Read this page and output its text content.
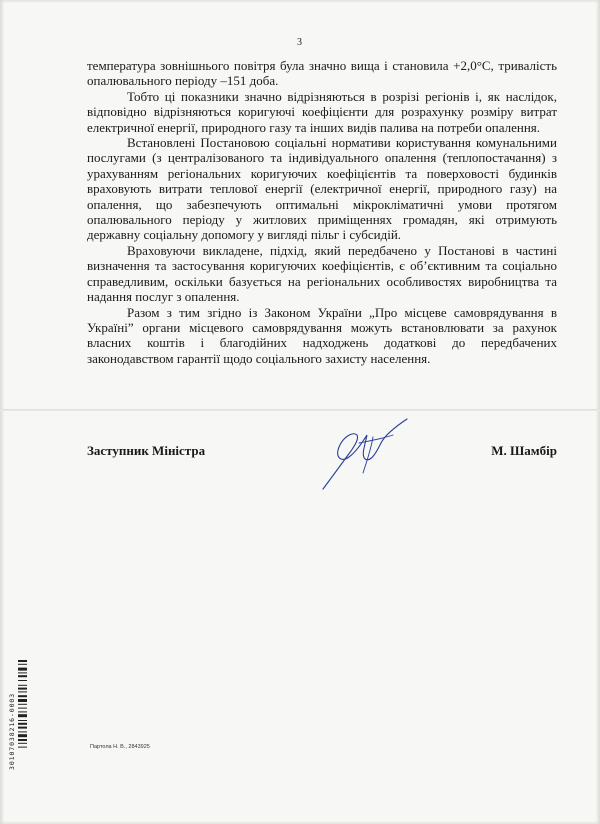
3

температура зовнішнього повітря була значно вища і становила +2,0°С, тривалість опалювального періоду –151 доба.

Тобто ці показники значно відрізняються в розрізі регіонів і, як наслідок, відповідно відрізняються коригуючі коефіцієнти для розрахунку розміру витрат електричної енергії, природного газу та інших видів палива на потреби опалення.

Встановлені Постановою соціальні нормативи користування комунальними послугами (з централізованого та індивідуального опалення (теплопостачання) з урахуванням регіональних коригуючих коефіцієнтів та поверховості будинків враховують витрати теплової енергії (електричної енергії, природного газу) на опалення, що забезпечують оптимальні мікрокліматичні умови протягом опалювального періоду у житлових приміщеннях громадян, які отримують державну соціальну допомогу у вигляді пільг і субсидій.

Враховуючи викладене, підхід, який передбачено у Постанові в частині визначення та застосування коригуючих коефіцієнтів, є об’єктивним та соціально справедливим, оскільки базується на регіональних особливостях виробництва та надання послуг з опалення.

Разом з тим згідно із Законом України „Про місцеве самоврядування в Україні” органи місцевого самоврядування можуть встановлювати за рахунок власних коштів і благодійних надходжень додаткові до передбачених законодавством гарантії щодо соціального захисту населення.

Заступник Міністра	М. Шамбір
30107038216-0003	Партола Н. В., 2843925
